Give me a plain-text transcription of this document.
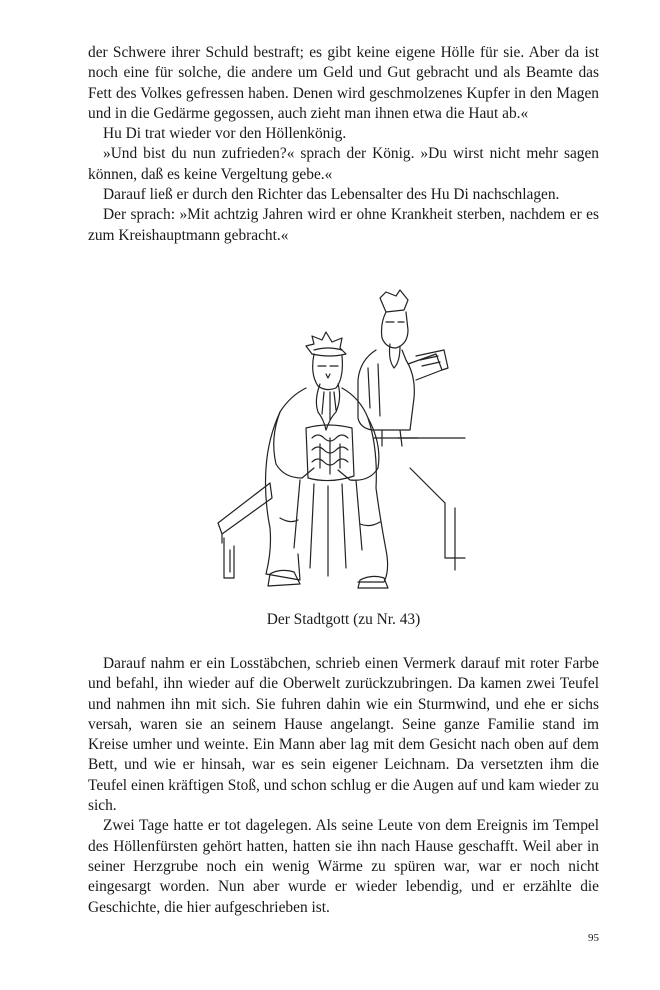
der Schwere ihrer Schuld bestraft; es gibt keine eigene Hölle für sie. Aber da ist noch eine für solche, die andere um Geld und Gut gebracht und als Beamte das Fett des Volkes gefressen haben. Denen wird geschmolzenes Kupfer in den Magen und in die Gedärme gegossen, auch zieht man ihnen etwa die Haut ab.«

Hu Di trat wieder vor den Höllenkönig.

»Und bist du nun zufrieden?« sprach der König. »Du wirst nicht mehr sagen können, daß es keine Vergeltung gebe.«

Darauf ließ er durch den Richter das Lebensalter des Hu Di nachschlagen.

Der sprach: »Mit achtzig Jahren wird er ohne Krankheit sterben, nachdem er es zum Kreishauptmann gebracht.«

Der Stadtgott (zu Nr. 43)

Darauf nahm er ein Losstäbchen, schrieb einen Vermerk darauf mit roter Farbe und befahl, ihn wieder auf die Oberwelt zurückzubringen. Da kamen zwei Teufel und nahmen ihn mit sich. Sie fuhren dahin wie ein Sturmwind, und ehe er sichs versah, waren sie an seinem Hause angelangt. Seine ganze Familie stand im Kreise umher und weinte. Ein Mann aber lag mit dem Gesicht nach oben auf dem Bett, und wie er hinsah, war es sein eigener Leichnam. Da versetzten ihm die Teufel einen kräftigen Stoß, und schon schlug er die Augen auf und kam wieder zu sich.

Zwei Tage hatte er tot dagelegen. Als seine Leute von dem Ereignis im Tempel des Höllenfürsten gehört hatten, hatten sie ihn nach Hause geschafft. Weil aber in seiner Herzgrube noch ein wenig Wärme zu spüren war, war er noch nicht eingesargt worden. Nun aber wurde er wieder lebendig, und er erzählte die Geschichte, die hier aufgeschrieben ist.

95
